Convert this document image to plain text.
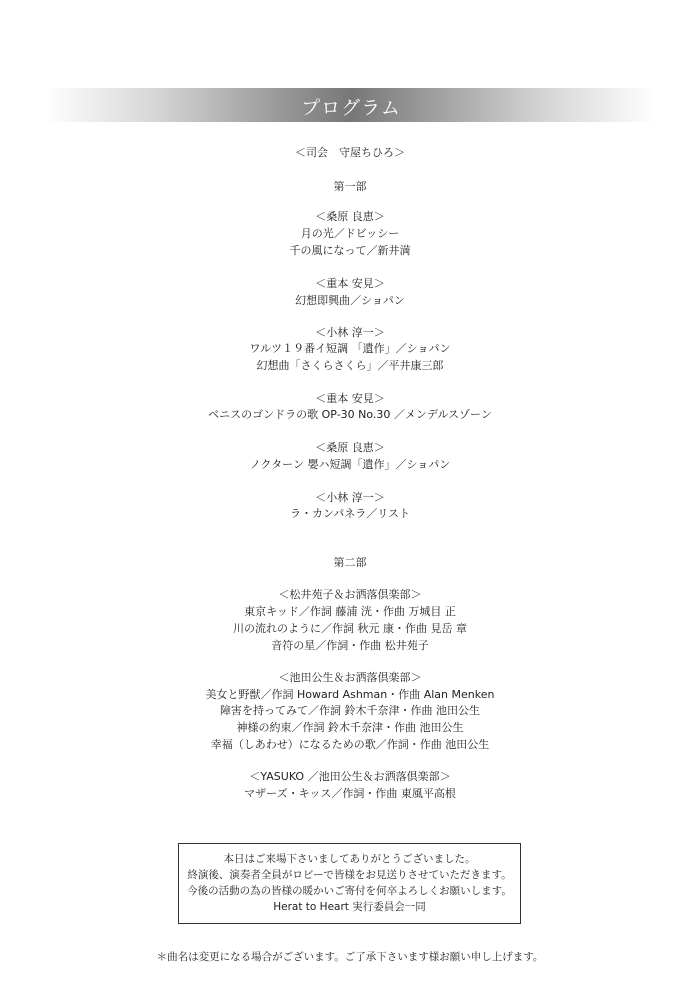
プログラム
＜司会　守屋ちひろ＞
第一部
＜桑原 良恵＞
月の光／ドビッシー
千の風になって／新井満
＜重本 安見＞
幻想即興曲／ショパン
＜小林 淳一＞
ワルツ１９番イ短調 「遺作」／ショパン
幻想曲「さくらさくら」／平井康三郎
＜重本 安見＞
ベニスのゴンドラの歌 OP-30 No.30 ／メンデルスゾーン
＜桑原 良恵＞
ノクターン 嬰ハ短調「遺作」／ショパン
＜小林 淳一＞
ラ・カンパネラ／リスト
第二部
＜松井苑子＆お洒落倶楽部＞
東京キッド／作詞 藤浦 洸・作曲 万城目 正
川の流れのように／作詞 秋元 康・作曲 見岳 章
音符の星／作詞・作曲 松井苑子
＜池田公生＆お洒落倶楽部＞
美女と野獣／作詞 Howard Ashman・作曲 Alan Menken
障害を持ってみて／作詞 鈴木千奈津・作曲 池田公生
神様の約束／作詞 鈴木千奈津・作曲 池田公生
幸福（しあわせ）になるための歌／作詞・作曲 池田公生
＜YASUKO ／池田公生＆お洒落倶楽部＞
マザーズ・キッス／作詞・作曲 東風平高根
本日はご来場下さいましてありがとうございました。
終演後、演奏者全員がロビーで皆様をお見送りさせていただきます。
今後の活動の為の皆様の暖かいご寄付を何卒よろしくお願いします。
Herat to Heart 実行委員会一同
＊曲名は変更になる場合がございます。ご了承下さいます様お願い申し上げます。
